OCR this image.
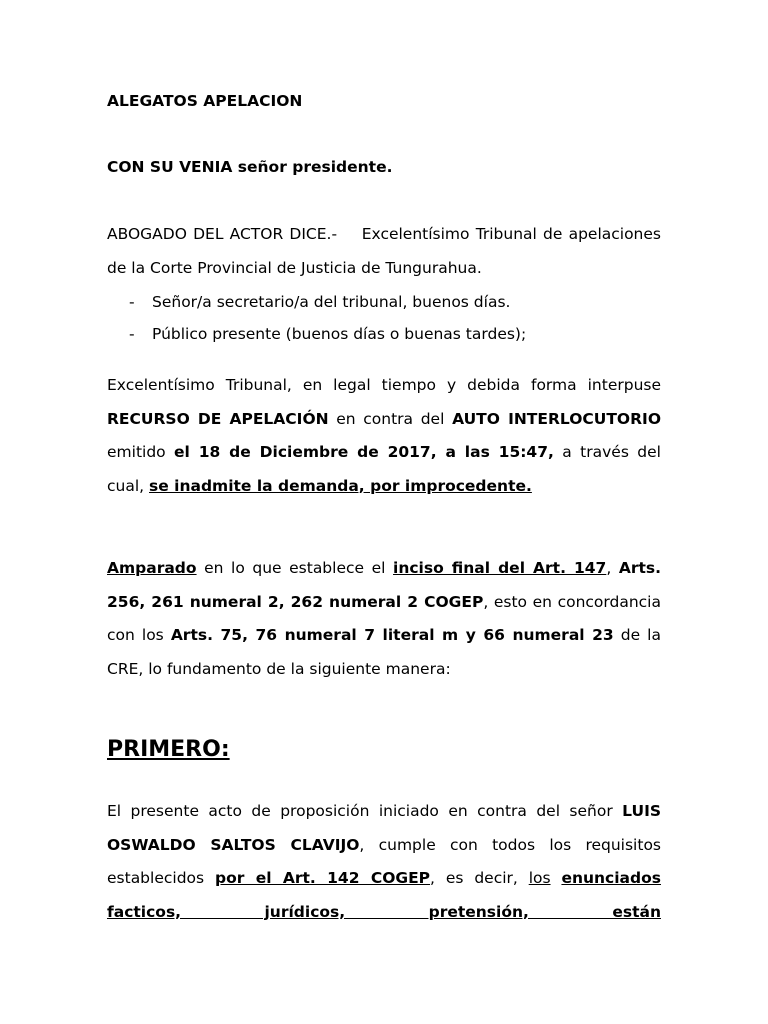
ALEGATOS APELACION

CON SU VENIA señor presidente.

ABOGADO DEL ACTOR DICE.- Excelentísimo Tribunal de apelaciones de la Corte Provincial de Justicia de Tungurahua.

- Señor/a secretario/a del tribunal, buenos días.
- Público presente (buenos días o buenas tardes);

Excelentísimo Tribunal, en legal tiempo y debida forma interpuse RECURSO DE APELACIÓN en contra del AUTO INTERLOCUTORIO emitido el 18 de Diciembre de 2017, a las 15:47, a través del cual, se inadmite la demanda, por improcedente.

Amparado en lo que establece el inciso final del Art. 147, Arts. 256, 261 numeral 2, 262 numeral 2 COGEP, esto en concordancia con los Arts. 75, 76 numeral 7 literal m y 66 numeral 23 de la CRE, lo fundamento de la siguiente manera:

PRIMERO:

El presente acto de proposición iniciado en contra del señor LUIS OSWALDO SALTOS CLAVIJO, cumple con todos los requisitos establecidos por el Art. 142 COGEP, es decir, los enunciados facticos, jurídicos, pretensión, están
